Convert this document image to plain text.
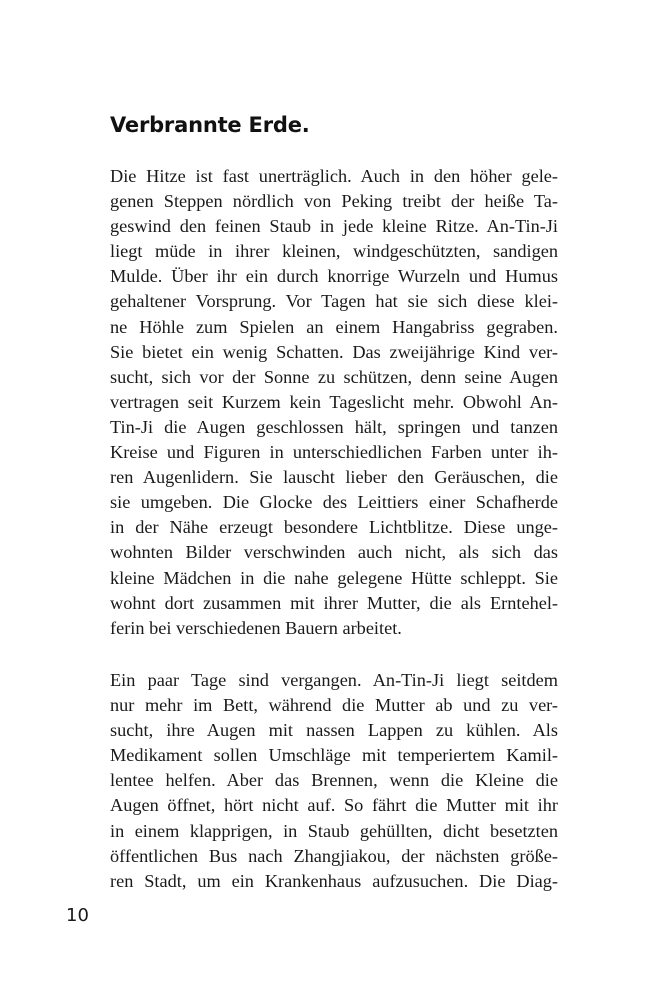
Verbrannte Erde.
Die Hitze ist fast unerträglich. Auch in den höher gele-
genen Steppen nördlich von Peking treibt der heiße Ta-
geswind den feinen Staub in jede kleine Ritze. An-Tin-Ji
liegt müde in ihrer kleinen, windgeschützten, sandigen
Mulde. Über ihr ein durch knorrige Wurzeln und Humus
gehaltener Vorsprung. Vor Tagen hat sie sich diese klei-
ne Höhle zum Spielen an einem Hangabriss gegraben.
Sie bietet ein wenig Schatten. Das zweijährige Kind ver-
sucht, sich vor der Sonne zu schützen, denn seine Augen
vertragen seit Kurzem kein Tageslicht mehr. Obwohl An-
Tin-Ji die Augen geschlossen hält, springen und tanzen
Kreise und Figuren in unterschiedlichen Farben unter ih-
ren Augenlidern. Sie lauscht lieber den Geräuschen, die
sie umgeben. Die Glocke des Leittiers einer Schafherde
in der Nähe erzeugt besondere Lichtblitze. Diese unge-
wohnten Bilder verschwinden auch nicht, als sich das
kleine Mädchen in die nahe gelegene Hütte schleppt. Sie
wohnt dort zusammen mit ihrer Mutter, die als Erntehel-
ferin bei verschiedenen Bauern arbeitet.
Ein paar Tage sind vergangen. An-Tin-Ji liegt seitdem
nur mehr im Bett, während die Mutter ab und zu ver-
sucht, ihre Augen mit nassen Lappen zu kühlen. Als
Medikament sollen Umschläge mit temperiertem Kamil-
lentee helfen. Aber das Brennen, wenn die Kleine die
Augen öffnet, hört nicht auf. So fährt die Mutter mit ihr
in einem klapprigen, in Staub gehüllten, dicht besetzten
öffentlichen Bus nach Zhangjiakou, der nächsten größe-
ren Stadt, um ein Krankenhaus aufzusuchen. Die Diag-
10
